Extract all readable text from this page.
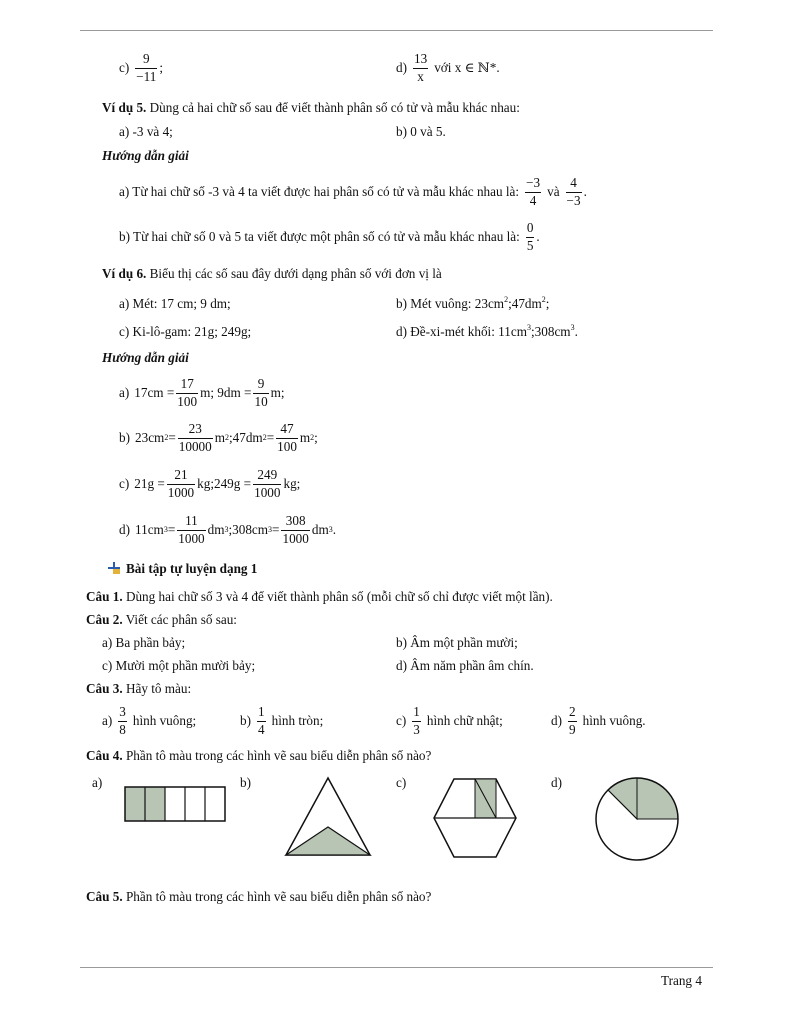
$c) \frac{9}{-11}$ ;	$d) \frac{13}{x}$ với x ∈ ℕ*.
Ví dụ 5. Dùng cả hai chữ số sau để viết thành phân số có tử và mẫu khác nhau:
a) -3 và 4;	b) 0 và 5.
Hướng dẫn giải
a) Từ hai chữ số -3 và 4 ta viết được hai phân số có tử và mẫu khác nhau là: $\frac{-3}{4}$ và $\frac{4}{-3}$ .
b) Từ hai chữ số 0 và 5 ta viết được một phân số có tử và mẫu khác nhau là: $\frac{0}{5}$ .
Ví dụ 6. Biểu thị các số sau đây dưới dạng phân số với đơn vị là
a) Mét: 17 cm; 9 dm;	b) Mét vuông: $23cm^2;47dm^2$;
c) Ki-lô-gam: 21g; 249g;	d) Đề-xi-mét khối: $11cm^3;308cm^3$.
Hướng dẫn giải
a) $17cm = \frac{17}{100} m$; $9dm = \frac{9}{10} m$;
b) 23cm $2 = \frac{23}{10000}$ m 2 ;47dm $2 = \frac{47}{100}$ m 2 ;
c) $21g = \frac{21}{1000}$ kg;249g = $\frac{249}{1000}$ kg;
d) 11cm $3 = \frac{11}{1000}$ dm 3 ;308cm $3 = \frac{308}{1000}$ dm 3 .
Bài tập tự luyện dạng 1
Câu 1. Dùng hai chữ số 3 và 4 để viết thành phân số (mỗi chữ số chỉ được viết một lần).
Câu 2. Viết các phân số sau:
a) Ba phần bảy;	b) Âm một phần mười;
c) Mười một phần mười bảy;	d) Âm năm phần âm chín.
Câu 3. Hãy tô màu:
$a) \frac{3}{8}$ hình vuông;	$b) \frac{1}{4}$ hình tròn;	$c) \frac{1}{3}$ hình chữ nhật;	$d) \frac{2}{9}$ hình vuông.
Câu 4. Phần tô màu trong các hình vẽ sau biểu diễn phân số nào?
a)	b)	c)	d)
Câu 5. Phần tô màu trong các hình vẽ sau biểu diễn phân số nào?
Trang 4
